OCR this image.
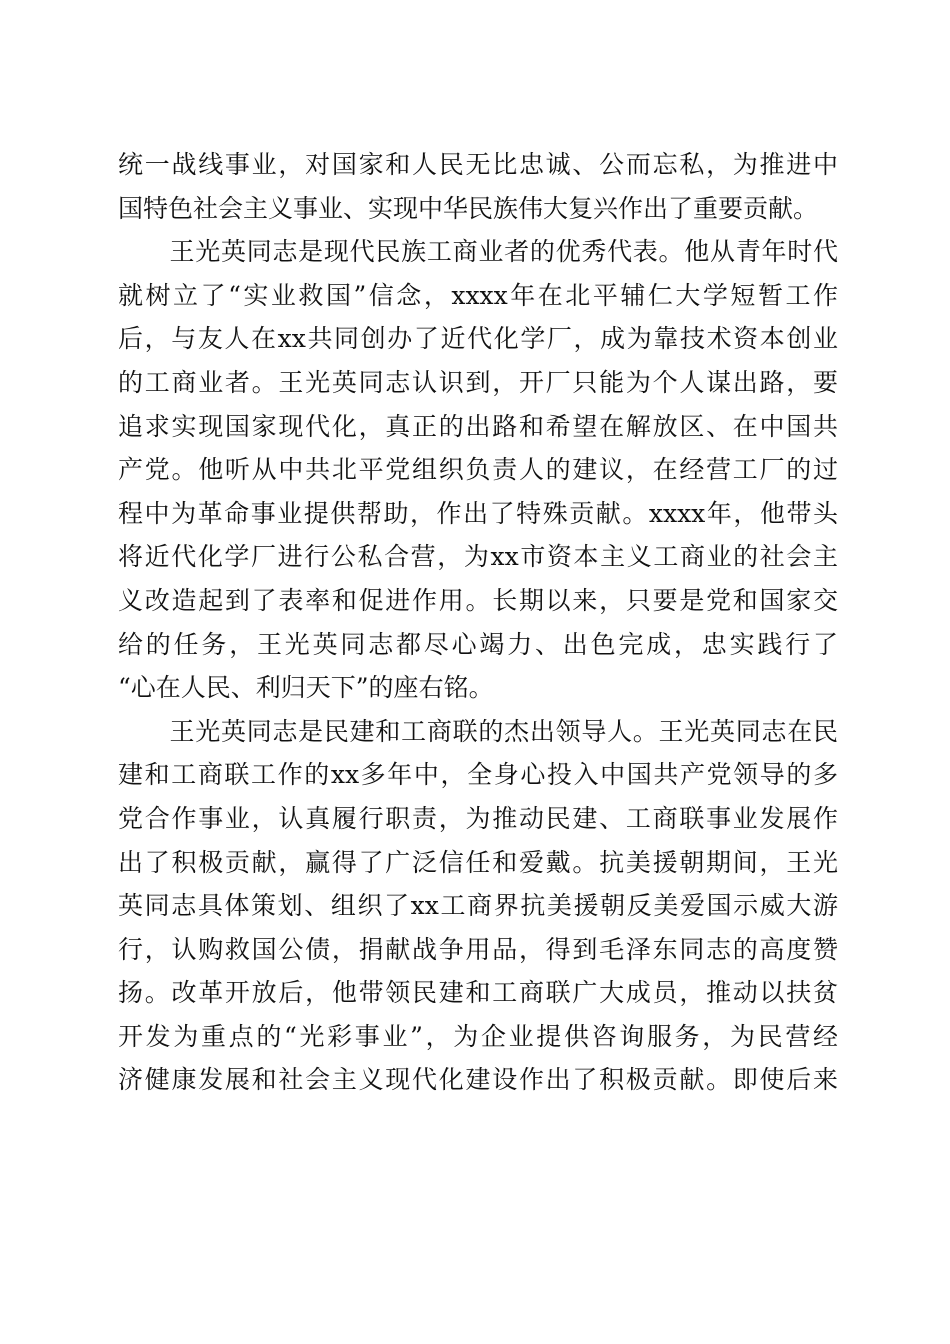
统一战线事业，对国家和人民无比忠诚、公而忘私，为推进中
国特色社会主义事业、实现中华民族伟大复兴作出了重要贡献。
　　王光英同志是现代民族工商业者的优秀代表。他从青年时代
就树立了“实业救国”信念，xxxx年在北平辅仁大学短暂工作
后，与友人在xx共同创办了近代化学厂，成为靠技术资本创业
的工商业者。王光英同志认识到，开厂只能为个人谋出路，要
追求实现国家现代化，真正的出路和希望在解放区、在中国共
产党。他听从中共北平党组织负责人的建议，在经营工厂的过
程中为革命事业提供帮助，作出了特殊贡献。xxxx年，他带头
将近代化学厂进行公私合营，为xx市资本主义工商业的社会主
义改造起到了表率和促进作用。长期以来，只要是党和国家交
给的任务，王光英同志都尽心竭力、出色完成，忠实践行了
“心在人民、利归天下”的座右铭。
　　王光英同志是民建和工商联的杰出领导人。王光英同志在民
建和工商联工作的xx多年中，全身心投入中国共产党领导的多
党合作事业，认真履行职责，为推动民建、工商联事业发展作
出了积极贡献，赢得了广泛信任和爱戴。抗美援朝期间，王光
英同志具体策划、组织了xx工商界抗美援朝反美爱国示威大游
行，认购救国公债，捐献战争用品，得到毛泽东同志的高度赞
扬。改革开放后，他带领民建和工商联广大成员，推动以扶贫
开发为重点的“光彩事业”，为企业提供咨询服务，为民营经
济健康发展和社会主义现代化建设作出了积极贡献。即使后来
